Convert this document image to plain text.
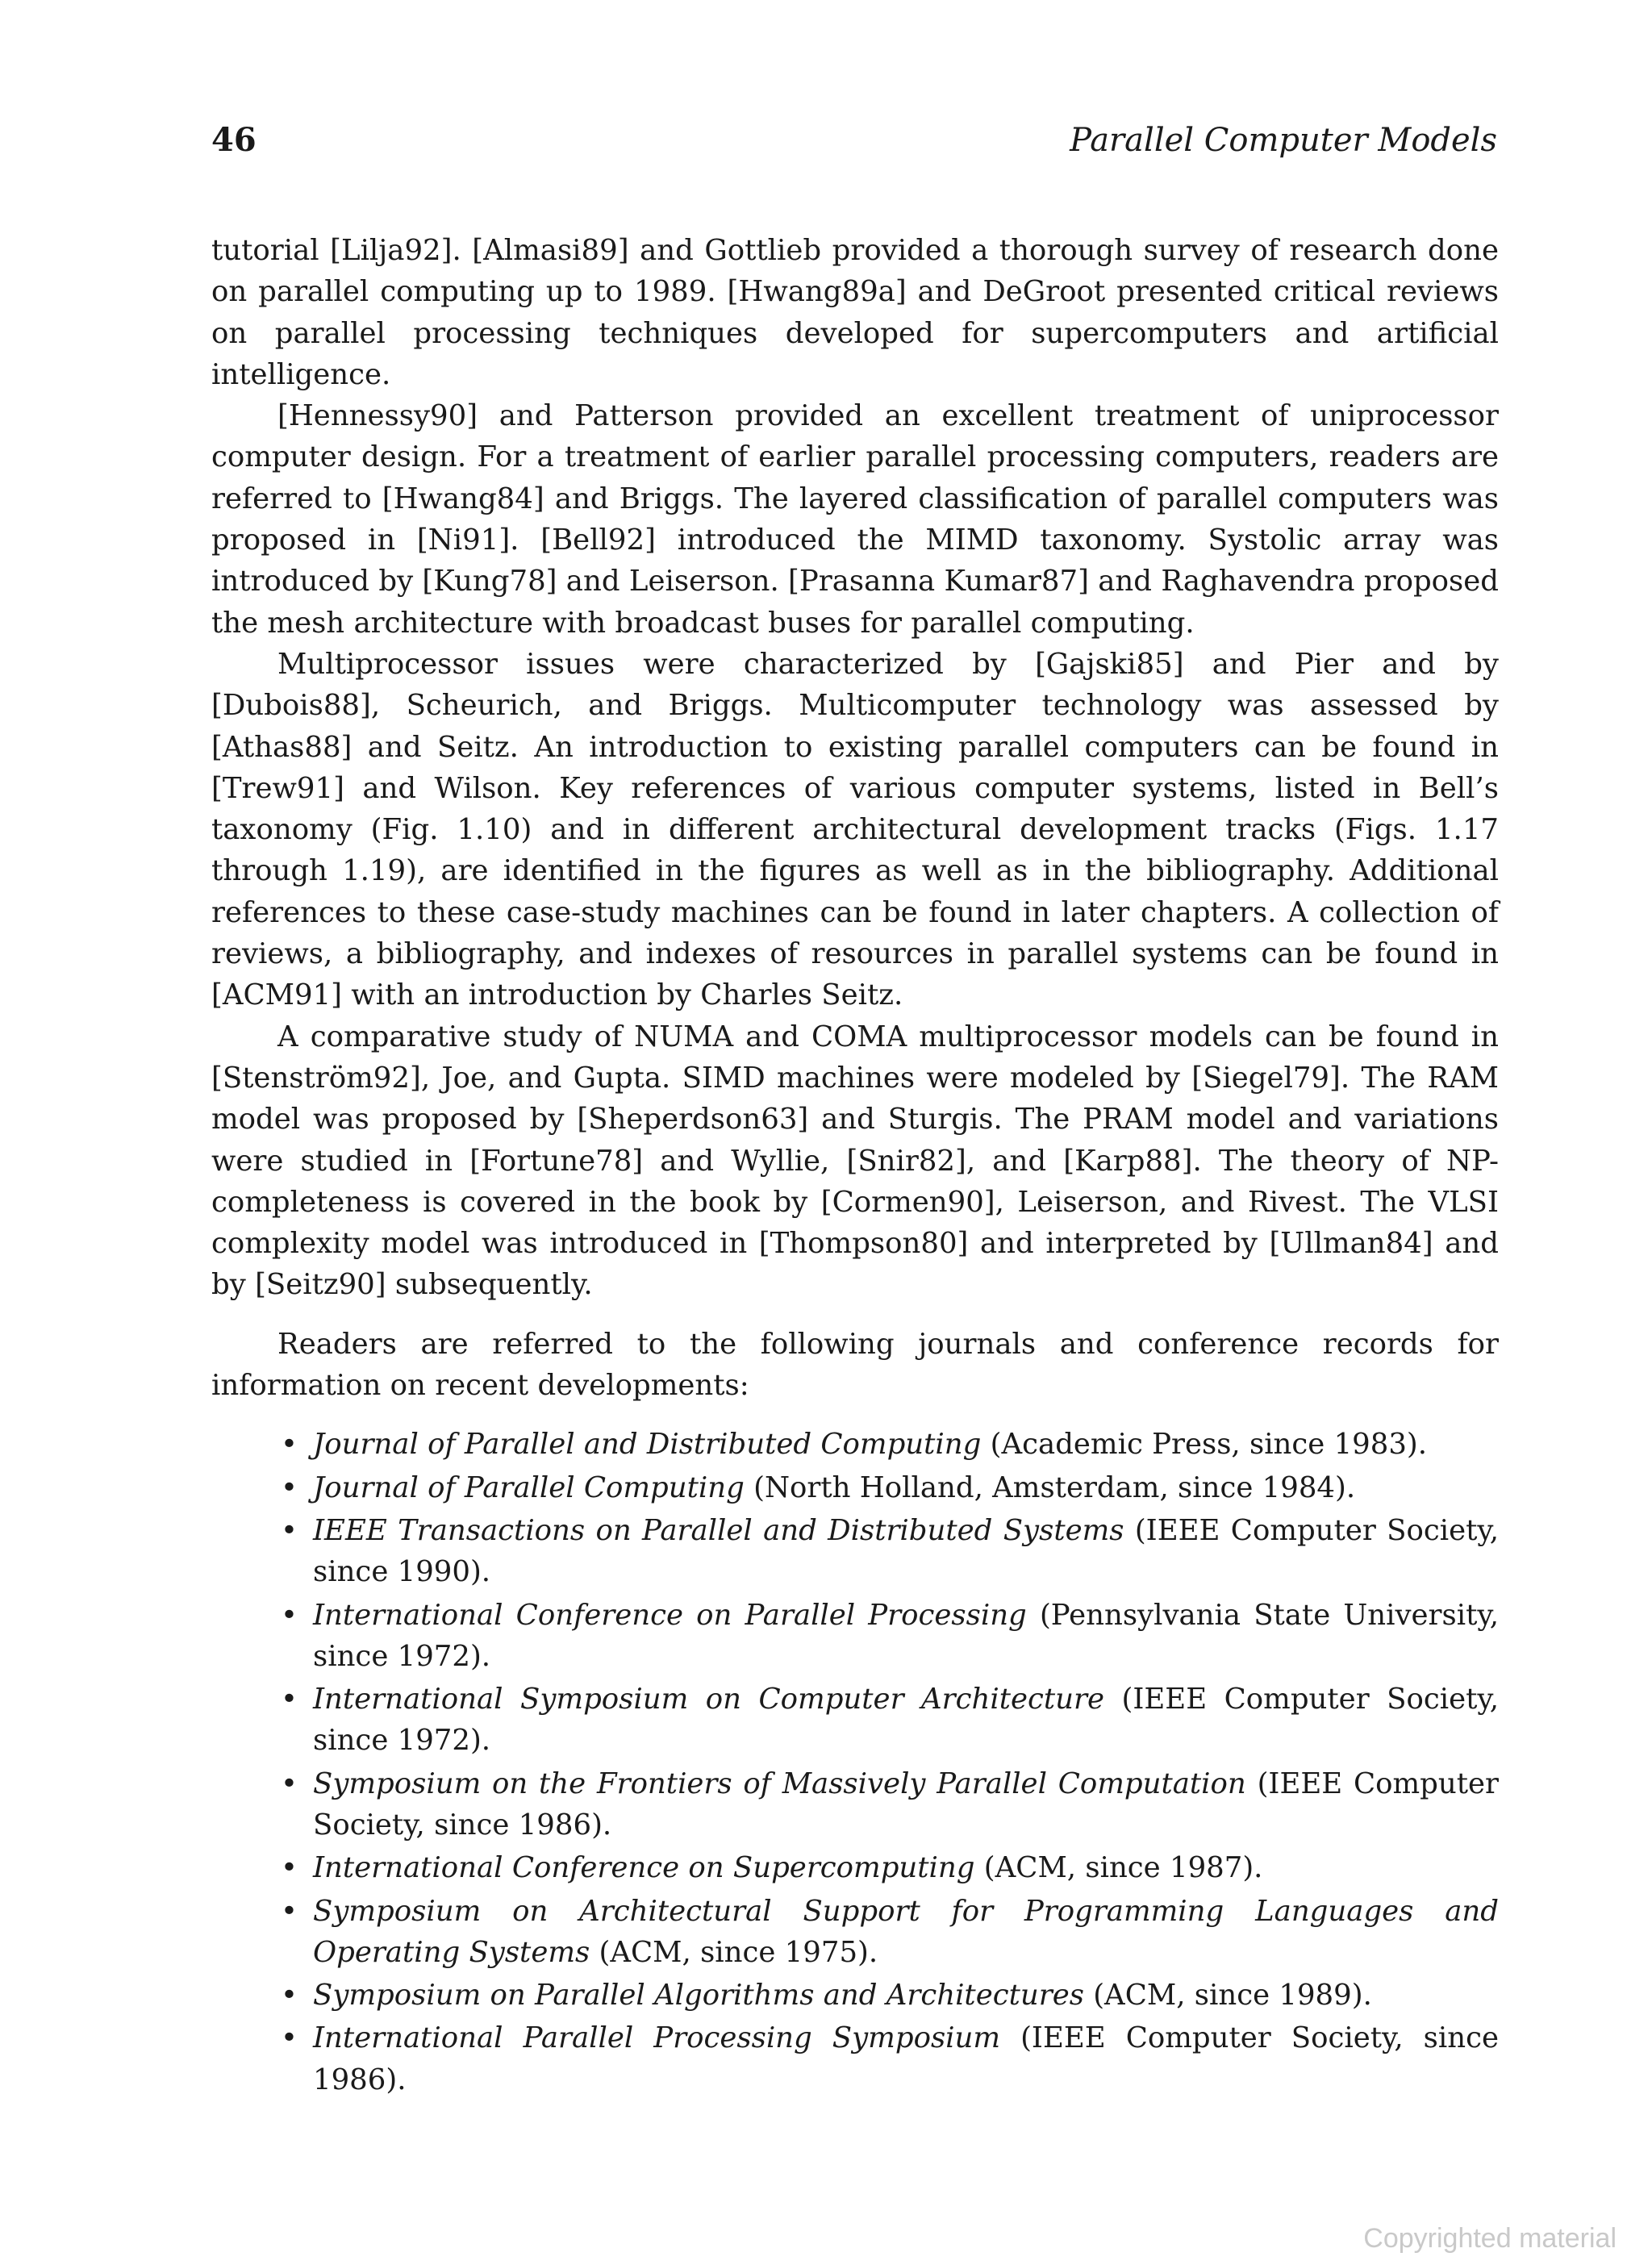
46	Parallel Computer Models

tutorial [Lilja92]. [Almasi89] and Gottlieb provided a thorough survey of research done on parallel computing up to 1989. [Hwang89a] and DeGroot presented critical reviews on parallel processing techniques developed for supercomputers and artificial intelligence.

[Hennessy90] and Patterson provided an excellent treatment of uniprocessor computer design. For a treatment of earlier parallel processing computers, readers are referred to [Hwang84] and Briggs. The layered classification of parallel computers was proposed in [Ni91]. [Bell92] introduced the MIMD taxonomy. Systolic array was introduced by [Kung78] and Leiserson. [Prasanna Kumar87] and Raghavendra proposed the mesh architecture with broadcast buses for parallel computing.

Multiprocessor issues were characterized by [Gajski85] and Pier and by [Dubois88], Scheurich, and Briggs. Multicomputer technology was assessed by [Athas88] and Seitz. An introduction to existing parallel computers can be found in [Trew91] and Wilson. Key references of various computer systems, listed in Bell’s taxonomy (Fig. 1.10) and in different architectural development tracks (Figs. 1.17 through 1.19), are identified in the figures as well as in the bibliography. Additional references to these case-study machines can be found in later chapters. A collection of reviews, a bibliography, and indexes of resources in parallel systems can be found in [ACM91] with an introduction by Charles Seitz.

A comparative study of NUMA and COMA multiprocessor models can be found in [Stenström92], Joe, and Gupta. SIMD machines were modeled by [Siegel79]. The RAM model was proposed by [Sheperdson63] and Sturgis. The PRAM model and variations were studied in [Fortune78] and Wyllie, [Snir82], and [Karp88]. The theory of NP-completeness is covered in the book by [Cormen90], Leiserson, and Rivest. The VLSI complexity model was introduced in [Thompson80] and interpreted by [Ullman84] and by [Seitz90] subsequently.

Readers are referred to the following journals and conference records for information on recent developments:

• Journal of Parallel and Distributed Computing (Academic Press, since 1983).
• Journal of Parallel Computing (North Holland, Amsterdam, since 1984).
• IEEE Transactions on Parallel and Distributed Systems (IEEE Computer Society, since 1990).
• International Conference on Parallel Processing (Pennsylvania State University, since 1972).
• International Symposium on Computer Architecture (IEEE Computer Society, since 1972).
• Symposium on the Frontiers of Massively Parallel Computation (IEEE Computer Society, since 1986).
• International Conference on Supercomputing (ACM, since 1987).
• Symposium on Architectural Support for Programming Languages and Operating Systems (ACM, since 1975).
• Symposium on Parallel Algorithms and Architectures (ACM, since 1989).
• International Parallel Processing Symposium (IEEE Computer Society, since 1986).
Copyrighted material
